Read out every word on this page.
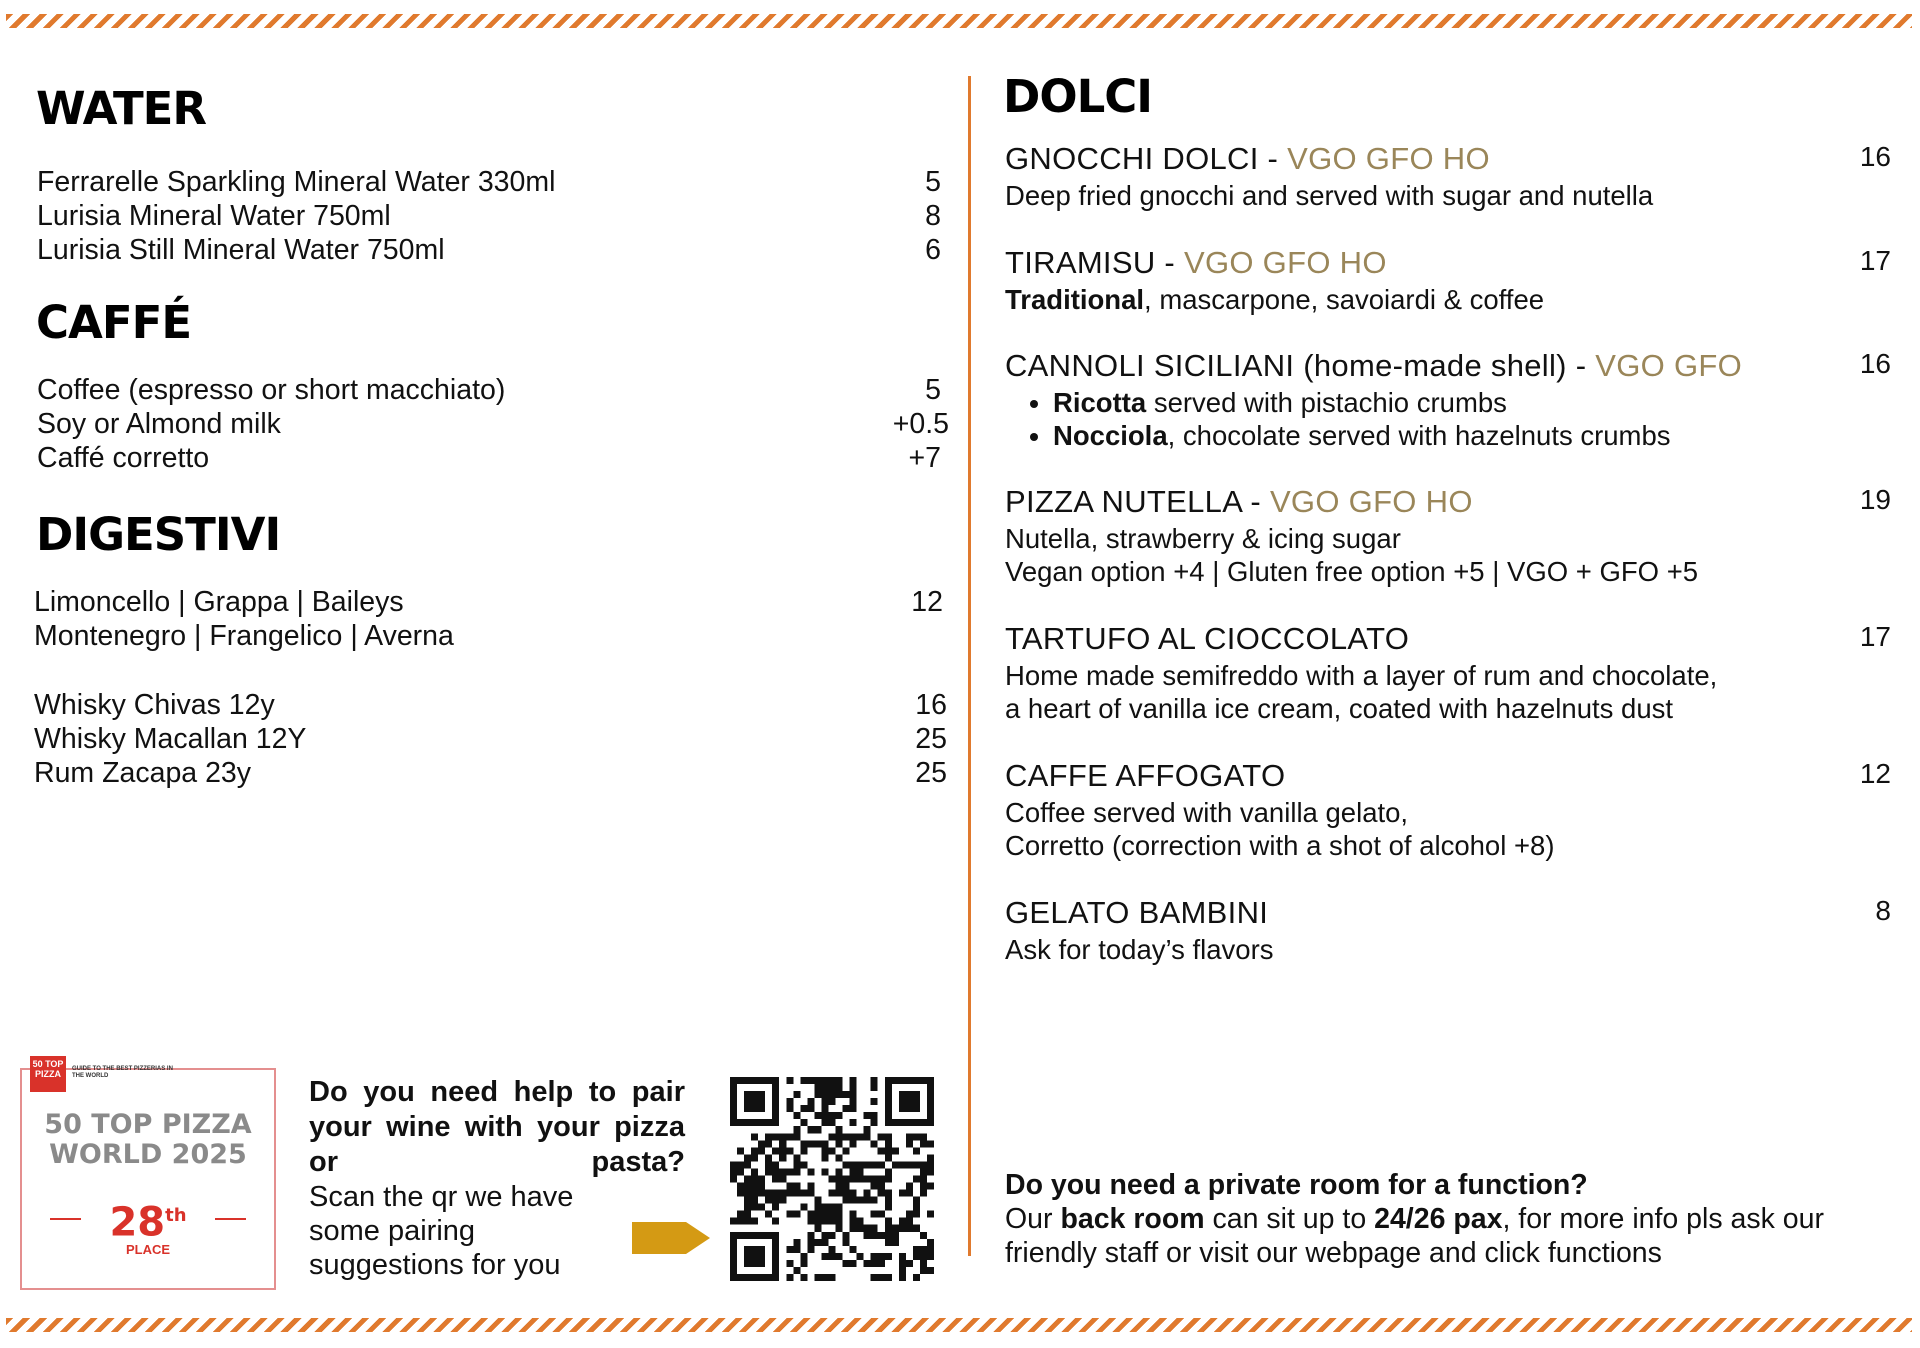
WATER
Ferrarelle Sparkling Mineral Water 330ml	5
Lurisia Mineral Water 750ml	8
Lurisia Still Mineral Water 750ml	6
CAFFÉ
Coffee (espresso or short macchiato)	5
Soy or Almond milk	+0.5
Caffé corretto	+7
DIGESTIVI
Limoncello | Grappa | Baileys	12
Montenegro | Frangelico | Averna
Whisky Chivas 12y	16
Whisky Macallan 12Y	25
Rum Zacapa 23y	25
50 TOP PIZZA	GUIDE TO THE BEST PIZZERIAS IN THE WORLD
50 TOP PIZZA
WORLD 2025
28th
PLACE
Do you need help to pair your wine with your pizza or pasta?
Scan the qr we have some pairing suggestions for you
DOLCI
GNOCCHI DOLCI - VGO GFO HO	16
Deep fried gnocchi and served with sugar and nutella
TIRAMISU - VGO GFO HO	17
Traditional, mascarpone, savoiardi & coffee
CANNOLI SICILIANI (home-made shell) - VGO GFO	16
• Ricotta served with pistachio crumbs
• Nocciola, chocolate served with hazelnuts crumbs
PIZZA NUTELLA - VGO GFO HO	19
Nutella, strawberry & icing sugar
Vegan option +4 | Gluten free option +5 | VGO + GFO +5
TARTUFO AL CIOCCOLATO	17
Home made semifreddo with a layer of rum and chocolate,
a heart of vanilla ice cream, coated with hazelnuts dust
CAFFE AFFOGATO	12
Coffee served with vanilla gelato,
Corretto (correction with a shot of alcohol +8)
GELATO BAMBINI	8
Ask for today’s flavors
Do you need a private room for a function?
Our back room can sit up to 24/26 pax, for more info pls ask our friendly staff or visit our webpage and click functions
